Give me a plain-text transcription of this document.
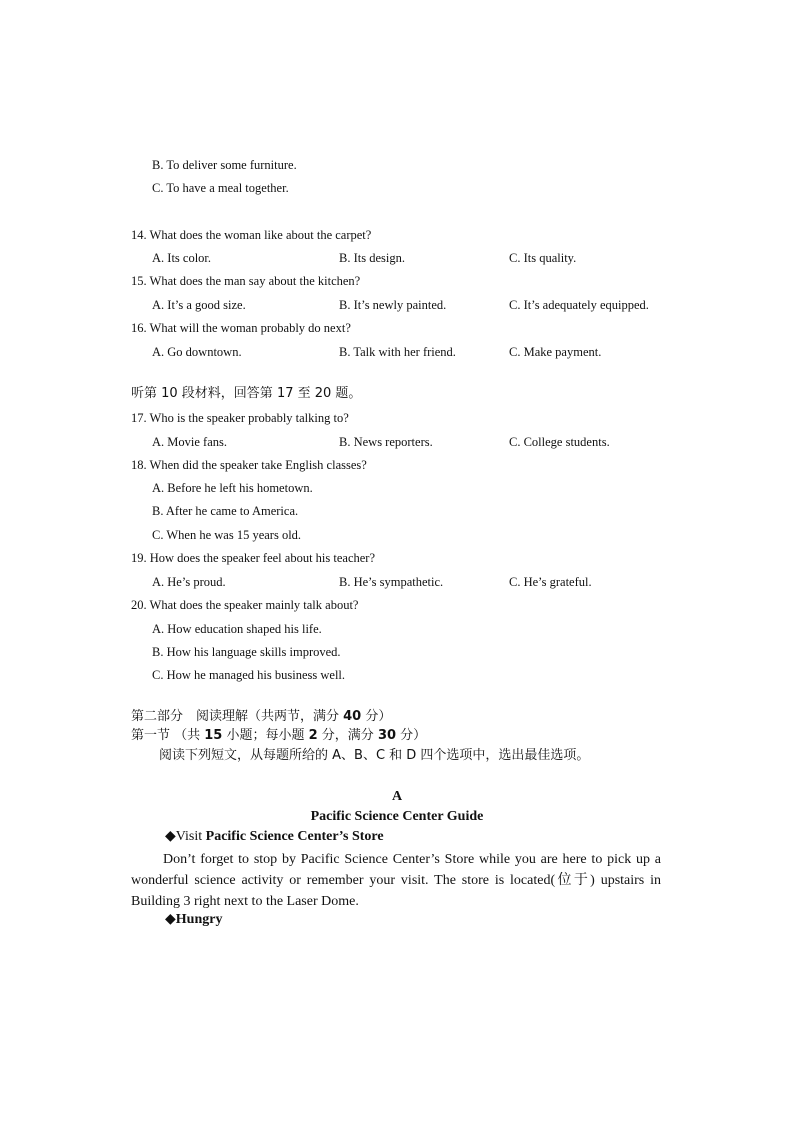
B. To deliver some furniture.
C. To have a meal together.
14. What does the woman like about the carpet?
A. Its color.	B. Its design.	C. Its quality.
15. What does the man say about the kitchen?
A. It’s a good size.	B. It’s newly painted.	C. It’s adequately equipped.
16. What will the woman probably do next?
A. Go downtown.	B. Talk with her friend.	C. Make payment.
听第 10 段材料，回答第 17 至 20 题。
17. Who is the speaker probably talking to?
A. Movie fans.	B. News reporters.	C. College students.
18. When did the speaker take English classes?
A. Before he left his hometown.
B. After he came to America.
C. When he was 15 years old.
19. How does the speaker feel about his teacher?
A. He’s proud.	B. He’s sympathetic.	C. He’s grateful.
20. What does the speaker mainly talk about?
A. How education shaped his life.
B. How his language skills improved.
C. How he managed his business well.
第二部分　阅读理解（共两节，满分 40 分）
第一节 （共 15 小题；每小题 2 分，满分 30 分）
阅读下列短文，从每题所给的 A、B、C 和 D 四个选项中，选出最佳选项。
A
Pacific Science Center Guide
◆Visit Pacific Science Center’s Store
Don’t forget to stop by Pacific Science Center’s Store while you are here to pick up a wonderful science activity or remember your visit. The store is located(位于) upstairs in Building 3 right next to the Laser Dome.
◆Hungry
